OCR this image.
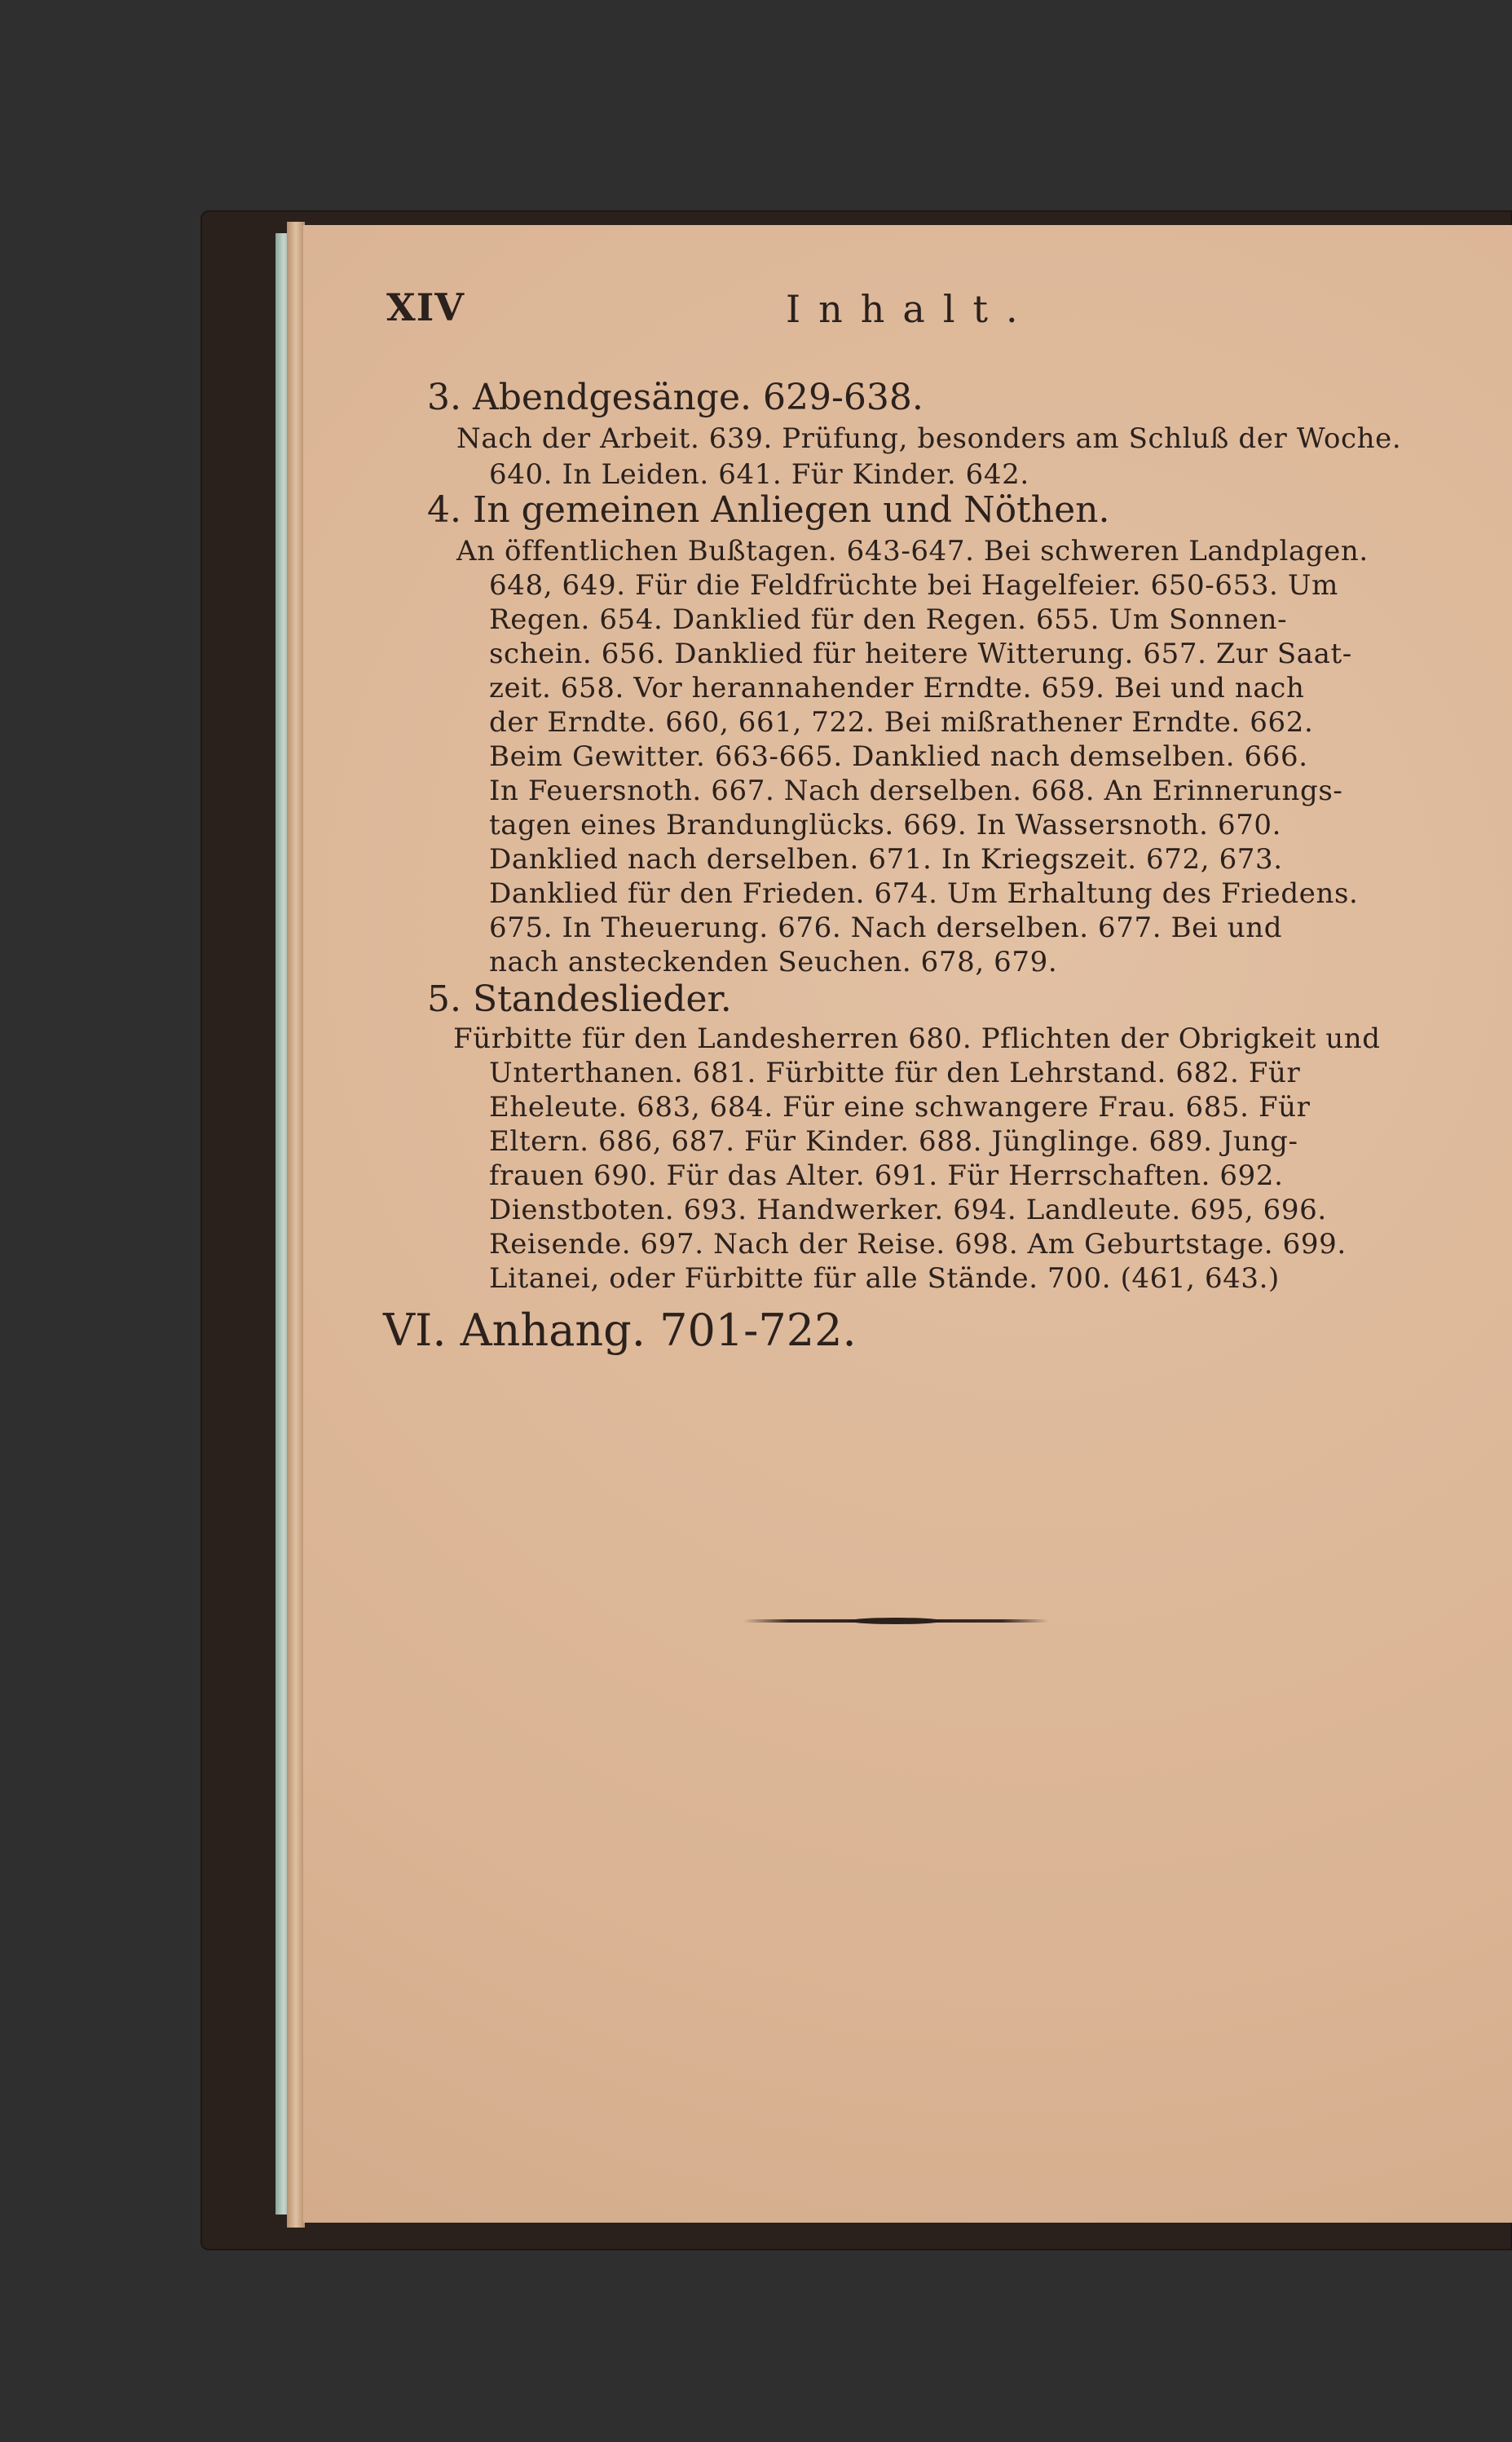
XIV	Inhalt.
3. Abendgesänge. 629-638.
Nach der Arbeit. 639. Prüfung, besonders am Schluß der Woche.
640. In Leiden. 641. Für Kinder. 642.
4. In gemeinen Anliegen und Nöthen.
An öffentlichen Bußtagen. 643-647. Bei schweren Landplagen.
648, 649. Für die Feldfrüchte bei Hagelfeier. 650-653. Um
Regen. 654. Danklied für den Regen. 655. Um Sonnen-
schein. 656. Danklied für heitere Witterung. 657. Zur Saat-
zeit. 658. Vor herannahender Erndte. 659. Bei und nach
der Erndte. 660, 661, 722. Bei mißrathener Erndte. 662.
Beim Gewitter. 663-665. Danklied nach demselben. 666.
In Feuersnoth. 667. Nach derselben. 668. An Erinnerungs-
tagen eines Brandunglücks. 669. In Wassersnoth. 670.
Danklied nach derselben. 671. In Kriegszeit. 672, 673.
Danklied für den Frieden. 674. Um Erhaltung des Friedens.
675. In Theuerung. 676. Nach derselben. 677. Bei und
nach ansteckenden Seuchen. 678, 679.
5. Standeslieder.
Fürbitte für den Landesherren 680. Pflichten der Obrigkeit und
Unterthanen. 681. Fürbitte für den Lehrstand. 682. Für
Eheleute. 683, 684. Für eine schwangere Frau. 685. Für
Eltern. 686, 687. Für Kinder. 688. Jünglinge. 689. Jung-
frauen 690. Für das Alter. 691. Für Herrschaften. 692.
Dienstboten. 693. Handwerker. 694. Landleute. 695, 696.
Reisende. 697. Nach der Reise. 698. Am Geburtstage. 699.
Litanei, oder Fürbitte für alle Stände. 700. (461, 643.)
VI. Anhang. 701-722.
